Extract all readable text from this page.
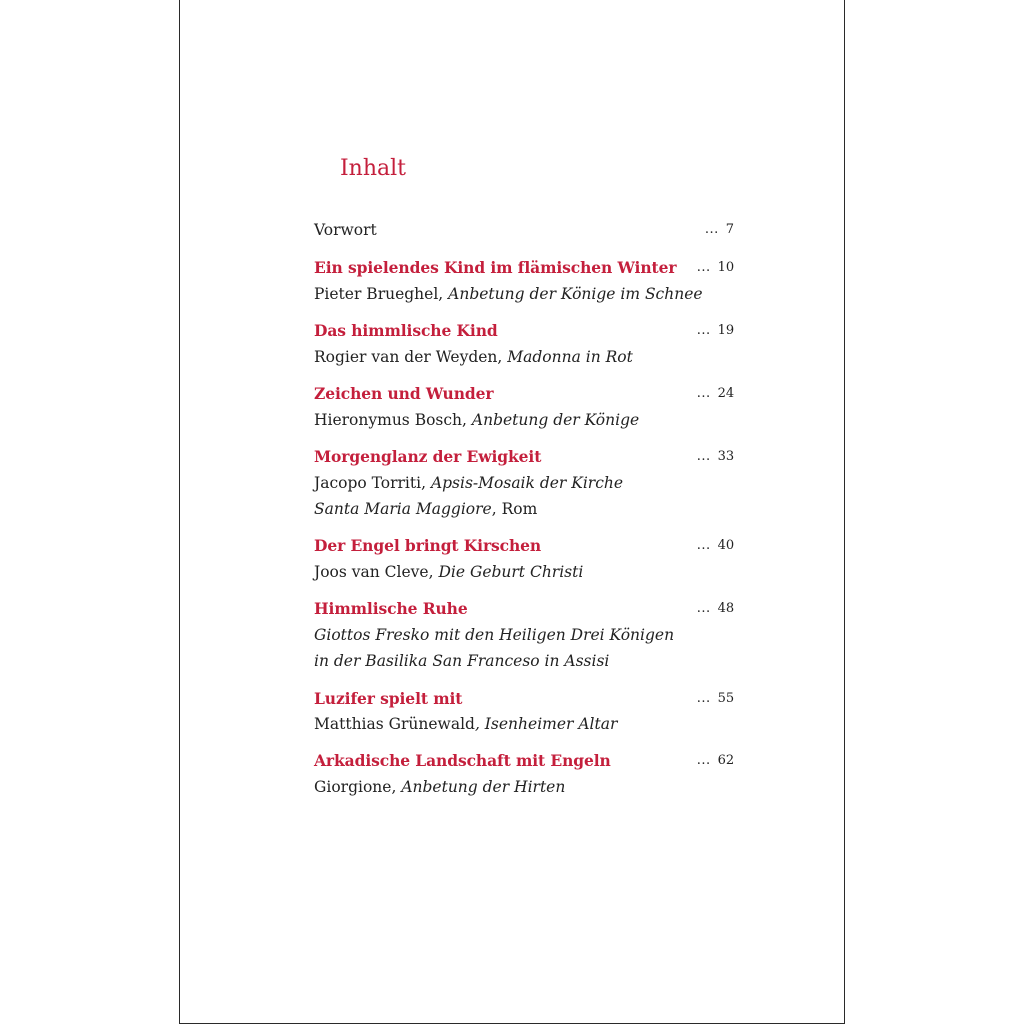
Inhalt
Vorwort	... 7
Ein spielendes Kind im flämischen Winter ... 10
Pieter Brueghel, Anbetung der Könige im Schnee
Das himmlische Kind	... 19
Rogier van der Weyden, Madonna in Rot
Zeichen und Wunder	... 24
Hieronymus Bosch, Anbetung der Könige
Morgenglanz der Ewigkeit	... 33
Jacopo Torriti, Apsis-Mosaik der Kirche
Santa Maria Maggiore, Rom
Der Engel bringt Kirschen	... 40
Joos van Cleve, Die Geburt Christi
Himmlische Ruhe	... 48
Giottos Fresko mit den Heiligen Drei Königen
in der Basilika San Franceso in Assisi
Luzifer spielt mit	... 55
Matthias Grünewald, Isenheimer Altar
Arkadische Landschaft mit Engeln	... 62
Giorgione, Anbetung der Hirten
